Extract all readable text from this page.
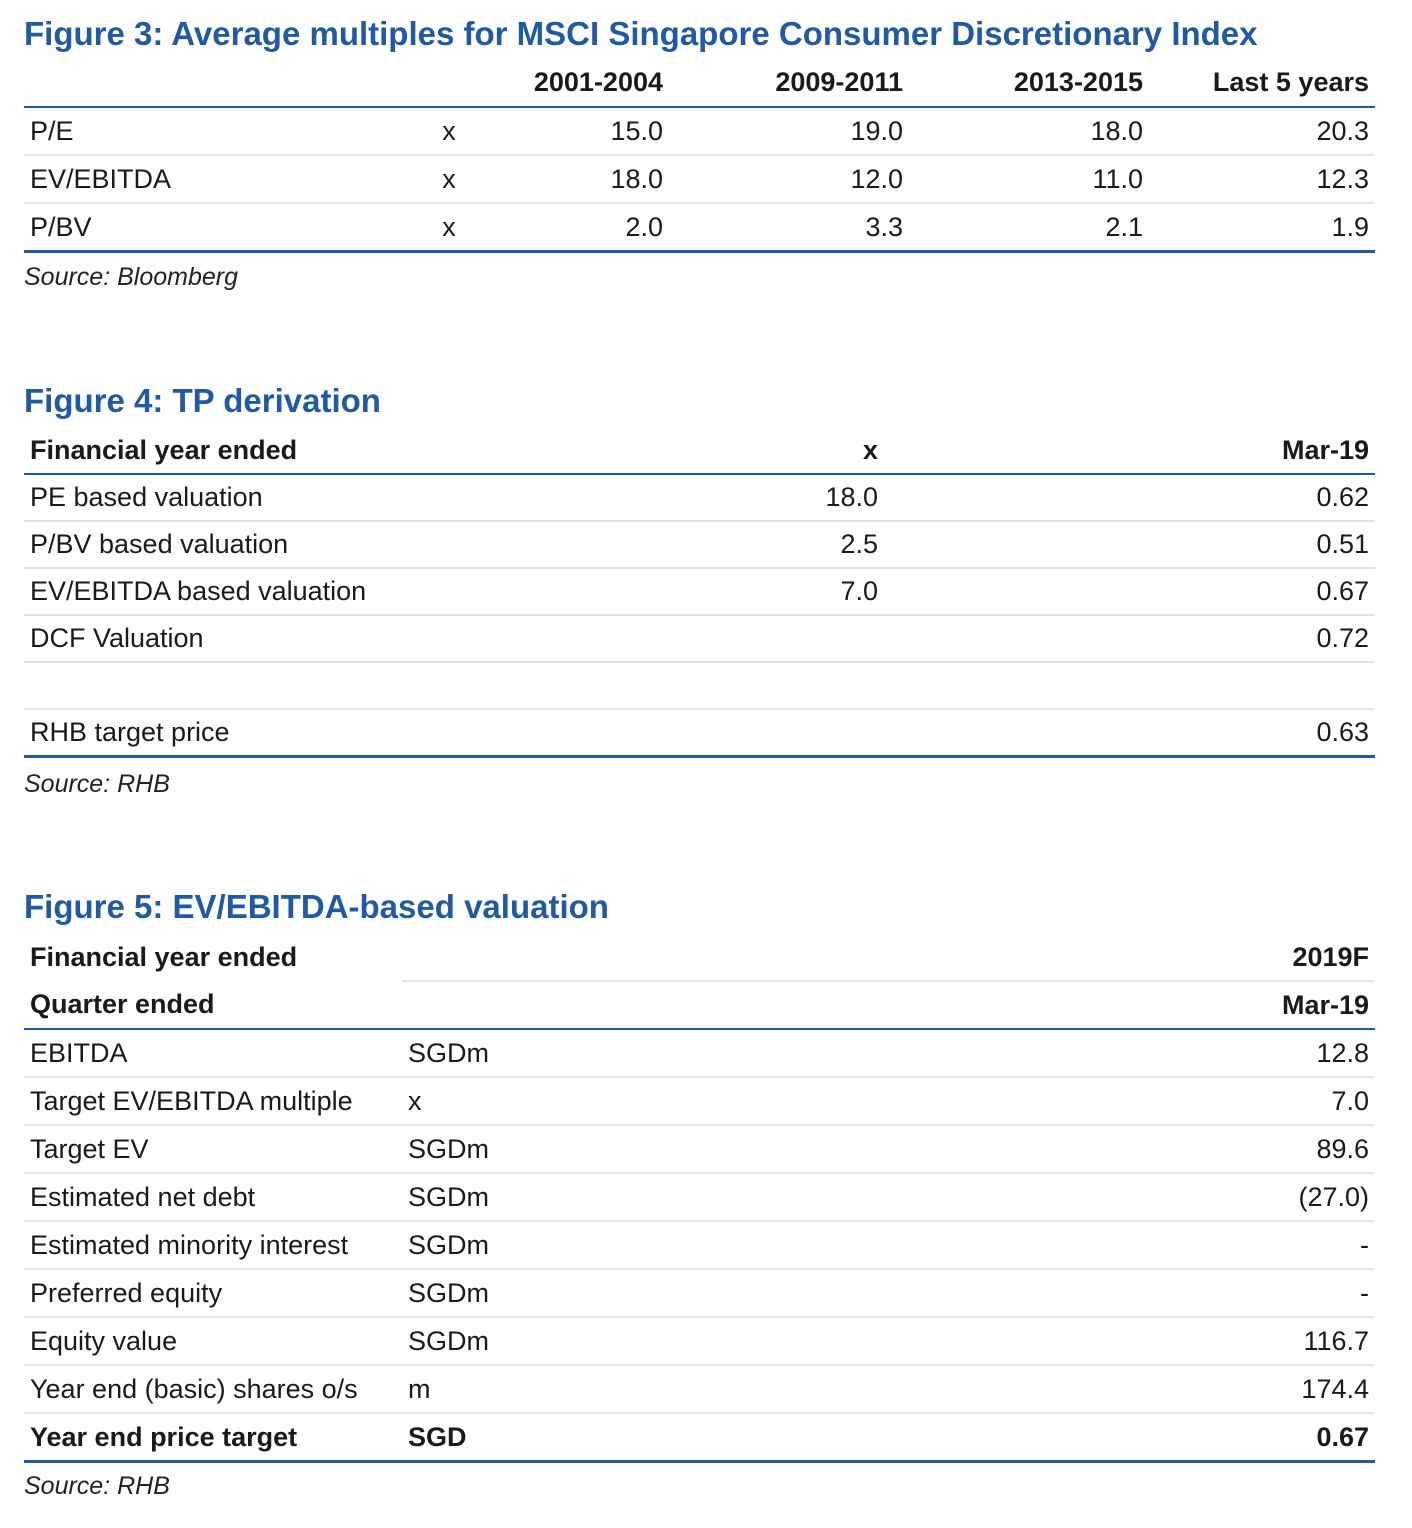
Figure 3: Average multiples for MSCI Singapore Consumer Discretionary Index
		2001-2004	2009-2011	2013-2015	Last 5 years
P/E	x	15.0	19.0	18.0	20.3
EV/EBITDA	x	18.0	12.0	11.0	12.3
P/BV	x	2.0	3.3	2.1	1.9
Source: Bloomberg
Figure 4: TP derivation
Financial year ended	x	Mar-19
PE based valuation	18.0	0.62
P/BV based valuation	2.5	0.51
EV/EBITDA based valuation	7.0	0.67
DCF Valuation		0.72

RHB target price		0.63
Source: RHB
Figure 5: EV/EBITDA-based valuation
Financial year ended		2019F
Quarter ended		Mar-19
EBITDA	SGDm	12.8
Target EV/EBITDA multiple	x	7.0
Target EV	SGDm	89.6
Estimated net debt	SGDm	(27.0)
Estimated minority interest	SGDm	-
Preferred equity	SGDm	-
Equity value	SGDm	116.7
Year end (basic) shares o/s	m	174.4
Year end price target	SGD	0.67
Source: RHB
